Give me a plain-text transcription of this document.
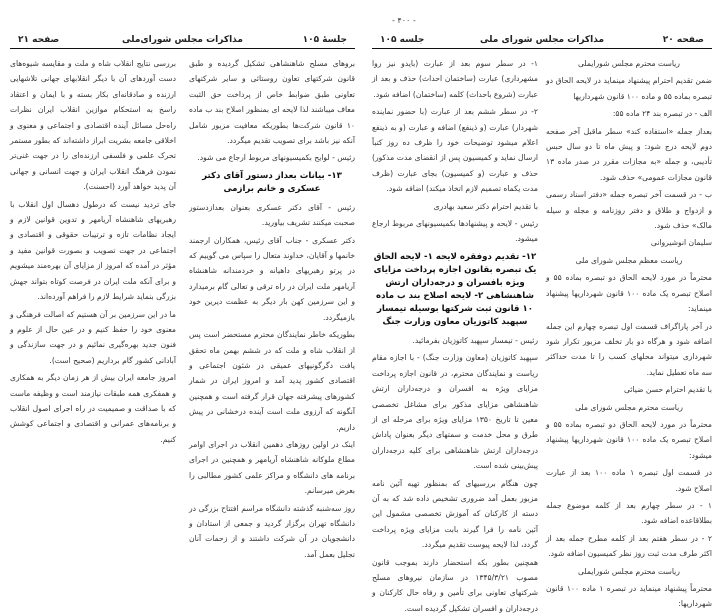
- ۴۰۰ -
جلسهٔ ۱۰۵
مذاکرات مجلس شورای‌ملی
صفحه ۲۱
بروهای مسلح شاهنشاهی تشکیل گردیده و طبق قانون شرکتهای تعاون روستائی و سایر شرکتهای تعاونی طبق ضوابط خاص از پرداخت حق الثبت معاف میباشند لذا لایحه ای بمنظور اصلاح بند ب ماده ۱۰ قانون شرکت‌ها بطوریکه معافیت مزبور شامل آنکه نیز باشد برای تصویب تقدیم میگردد.
رئیس - لوایح بکمیسیونهای مربوط ارجاع می شود.
۱۳- بیانات بعداز دستور آقای دکتر عسکری و خانم برازمی
رئیس - آقای دکتر عسکری بعنوان بعدازدستور صحبت میکنند تشریف بیاورید.
دکتر عسکری - جناب آقای رئیس، همکاران ارجمند خانمها و آقایان، خداوند متعال را سپاس می گوییم که در پرتو رهبریهای داهیانه و خردمندانه شاهنشاه آریامهر ملت ایران در راه ترقی و تعالی گام برمیدارد و این سرزمین کهن بار دیگر به عظمت دیرین خود بازمیگردد.
بطوریکه خاطر نمایندگان محترم مستحضر است پس از انقلاب شاه و ملت که در ششم بهمن ماه تحقق یافت دگرگونیهای عمیقی در شئون اجتماعی و اقتصادی کشور پدید آمد و امروز ایران در شمار کشورهای پیشرفته جهان قرار گرفته است و همچنین آنگونه که آرزوی ملت است آینده درخشانی در پیش داریم.
اینک در اولین روزهای دهمین انقلاب در اجرای اوامر مطاع ملوکانه شاهنشاه آریامهر و همچنین در اجرای برنامه های دانشگاه و مراکز علمی کشور مطالبی را بعرض میرسانم.
روز سه‌شنبه گذشته دانشگاه مراسم افتتاح بزرگی در دانشگاه تهران برگزار گردید و جمعی از استادان و دانشجویان در آن شرکت داشتند و از زحمات آنان تجلیل بعمل آمد.
بررسی نتایج انقلاب شاه و ملت و مقایسه شیوه‌های دست آوردهای آن با دیگر انقلابهای جهانی تلاشهایی ارزنده و صادقانه‌ای بکار بسته و با ایمان و اعتقاد راسخ به استحکام موازین انقلاب ایران نظرات راه‌حل مسائل آینده اقتصادی و اجتماعی و معنوی و اخلاقی جامعه بشریت ابراز داشته‌اند که بطور مستمر تحرک علمی و فلسفی ارزنده‌ای را در جهت غنی‌تر نمودن فرهنگ انقلاب ایران و جهت انسانی و جهانی آن پدید خواهد آورد (احسنت).
جای تردید نیست که درطول دهسال اول انقلاب با رهبریهای شاهنشاه آریامهر و تدوین قوانین لازم و ایجاد نظامات تازه و ترتیبات حقوقی و اقتصادی و اجتماعی در جهت تصویب و بصورت قوانین مفید و مؤثر در آمده که امروز از مزایای آن بهره‌مند میشویم و برای آنکه ملت ایران در فرصت کوتاه بتواند جهش بزرگی بنماید شرایط لازم را فراهم آورده‌اند.
ما در این سرزمین بر آن هستیم که اصالت فرهنگی و معنوی خود را حفظ کنیم و در عین حال از علوم و فنون جدید بهره‌گیری نمائیم و در جهت سازندگی و آبادانی کشور گام برداریم (صحیح است).
امروز جامعه ایران بیش از هر زمان دیگر به همکاری و همفکری همه طبقات نیازمند است و وظیفه ماست که با صداقت و صمیمیت در راه اجرای اصول انقلاب و برنامه‌های عمرانی و اقتصادی و اجتماعی کوشش کنیم.
صفحه ۲۰
مذاکرات مجلس شورای ملی
جلسه ۱۰۵
ریاست محترم مجلس شورایملی
ضمن تقدیم احترام پیشنهاد مینماید در لایحه الحاق دو تبصره بماده ۵۵ و ماده ۱۰۰ قانون شهرداریها
الف - در تبصره بند ۲۴ ماده ۵۵:
بعداز جمله «استفاده کند» سطر ماقبل آخر صفحه دوم لایحه درج شود: و پیش ماه تا دو سال حبس تأدیبی، و جمله «به مجازات مقرر در صدر ماده ۱۳ قانون مجازات عمومی» حذف شود.
ب - در قسمت آخر تبصره جمله «دفتر اسناد رسمی و ازدواج و طلاق و دفتر روزنامه و مجله و سیله مالک» حذف شود.
سلیمان انوشیروانی
ریاست معظم مجلس شورای ملی
محترماً در مورد لایحه الحاق دو تبصره بماده ۵۵ و اصلاح تبصره یک ماده ۱۰۰ قانون شهرداریها پیشنهاد مینماید:
در آخر پاراگراف قسمت اول تبصره چهارم این جمله اضافه شود و هرگاه دو بار تخلف مزبور تکرار شود شهرداری میتواند محلهای کسب را تا مدت حداکثر سه ماه تعطیل نماید.
با تقدیم احترام حسن ضیائی
ریاست محترم مجلس شورای ملی
محترماً در مورد لایحه الحاق دو تبصره بماده ۵۵ و اصلاح تبصره یک ماده ۱۰۰ قانون شهرداریها پیشنهاد میشود:
در قسمت اول تبصره ۱ ماده ۱۰۰ بعد از عبارت اصلاح شود.
۱ - در سطر چهارم بعد از کلمه موضوع جمله بطلاقاعده اضافه شود.
۲ - در سطر هفتم بعد از کلمه مطرح جمله بعد از اکثر طرف مدت ثبت روز نظر کمیسیون اضافه شود.
ریاست محترم مجلس شورایملی
محترماً پیشنهاد مینماید در تبصره ۱ ماده ۱۰۰ قانون شهرداریها:
۱- در سطر سوم بعد از عبارت (بایدو نیز روا مشهرداری) عبارت (ساختمان احداث) حذف و بعد از عبارت (شروع باحداث) کلمه (ساختمان) اضافه شود.
۲- در سطر ششم بعد از عبارت (با حضور نماینده شهردار) عبارت (و ذینفع) اضافه و عبارت (و به ذینفع اعلام میشود توضیحات خود را ظرف ده روز کتباً ارسال نماید و کمیسیون پس از انقضای مدت مذکور) حذف و عبارت (و کمیسیون) بجای عبارت (ظرف مدت یکماه تصمیم لازم اتخاذ میکند) اضافه شود.
با تقدیم احترام دکتر سعید بهادری
رئیس - لایحه و پیشنهادها بکمیسیونهای مربوط ارجاع میشود.
۱۲- تقدیم دوفقره لایحه ۱- لایحه الحاق یک تبصره بقانون اجازه پرداخت مزایای ویژه بافسران و درجه‌داران ارتش شاهنشاهی ۲- لایحه اصلاح بند ب ماده ۱۰ قانون ثبت شرکتها بوسیله تیمسار سپهبد کاتوزیان معاون وزارت جنگ
رئیس - تیمسار سپهبد کاتوزیان بفرمائید.
سپهبد کاتوزیان (معاون وزارت جنگ) - با اجازه مقام ریاست و نمایندگان محترم، در قانون اجازه پرداخت مزایای ویژه به افسران و درجه‌داران ارتش شاهنشاهی مزایای مذکور برای مشاغل تخصصی معین تا تاریخ ۱۳۵۰ مزایای ویژه برای مرحله ای از طرق و محل خدمت و سمتهای دیگر بعنوان پاداش درجه‌داران ارتش شاهنشاهی برای کلیه درجه‌داران پیش‌بینی شده است.
چون هنگام بررسیهای که بمنظور تهیه آئین نامه مزبور بعمل آمد ضروری تشخیص داده شد که به آن دسته از کارکنان که آموزش تخصصی مشمول این آئین نامه را فرا گیرند بابت مزایای ویژه پرداخت گردد، لذا لایحه پیوست تقدیم میگردد.
همچنین بطور بکه استحضار دارند بموجب قانون مصوب ۱۳۴۵/۳/۲۱ در سازمان نیروهای مسلح شرکتهای تعاونی برای تأمین و رفاه حال کارکنان و درجه‌داران و افسران تشکیل گردیده است.
